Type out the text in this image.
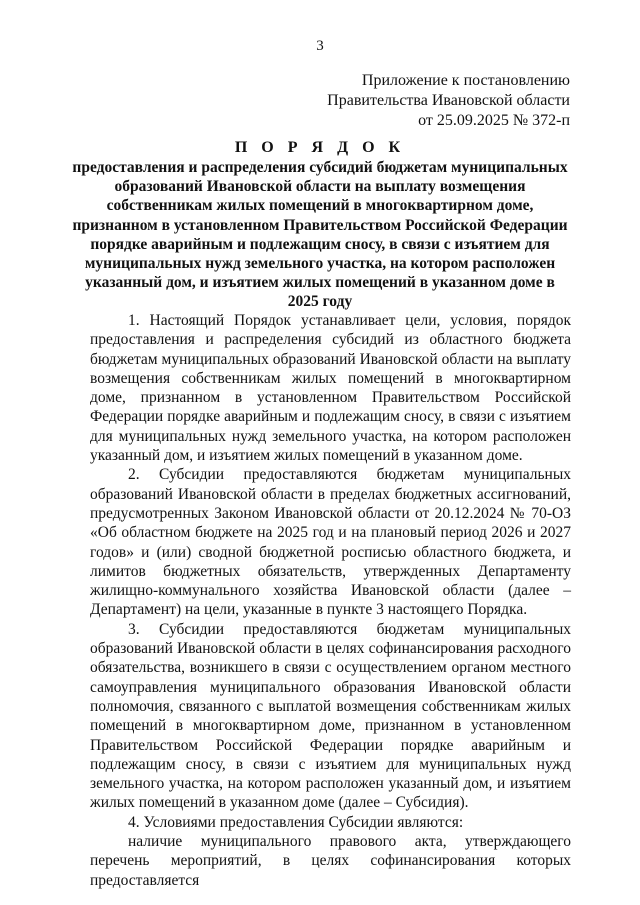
3
Приложение к постановлению
Правительства Ивановской области
от 25.09.2025 № 372-п
П О Р Я Д О К
предоставления и распределения субсидий бюджетам муниципальных образований Ивановской области на выплату возмещения собственникам жилых помещений в многоквартирном доме, признанном в установленном Правительством Российской Федерации порядке аварийным и подлежащим сносу, в связи с изъятием для муниципальных нужд земельного участка, на котором расположен указанный дом, и изъятием жилых помещений в указанном доме в 2025 году

1. Настоящий Порядок устанавливает цели, условия, порядок предоставления и распределения субсидий из областного бюджета бюджетам муниципальных образований Ивановской области на выплату возмещения собственникам жилых помещений в многоквартирном доме, признанном в установленном Правительством Российской Федерации порядке аварийным и подлежащим сносу, в связи с изъятием для муниципальных нужд земельного участка, на котором расположен указанный дом, и изъятием жилых помещений в указанном доме.

2. Субсидии предоставляются бюджетам муниципальных образований Ивановской области в пределах бюджетных ассигнований, предусмотренных Законом Ивановской области от 20.12.2024 № 70-ОЗ «Об областном бюджете на 2025 год и на плановый период 2026 и 2027 годов» и (или) сводной бюджетной росписью областного бюджета, и лимитов бюджетных обязательств, утвержденных Департаменту жилищно-коммунального хозяйства Ивановской области (далее – Департамент) на цели, указанные в пункте 3 настоящего Порядка.

3. Субсидии предоставляются бюджетам муниципальных образований Ивановской области в целях софинансирования расходного обязательства, возникшего в связи с осуществлением органом местного самоуправления муниципального образования Ивановской области полномочия, связанного с выплатой возмещения собственникам жилых помещений в многоквартирном доме, признанном в установленном Правительством Российской Федерации порядке аварийным и подлежащим сносу, в связи с изъятием для муниципальных нужд земельного участка, на котором расположен указанный дом, и изъятием жилых помещений в указанном доме (далее – Субсидия).

4. Условиями предоставления Субсидии являются:

наличие муниципального правового акта, утверждающего перечень мероприятий, в целях софинансирования которых предоставляется
